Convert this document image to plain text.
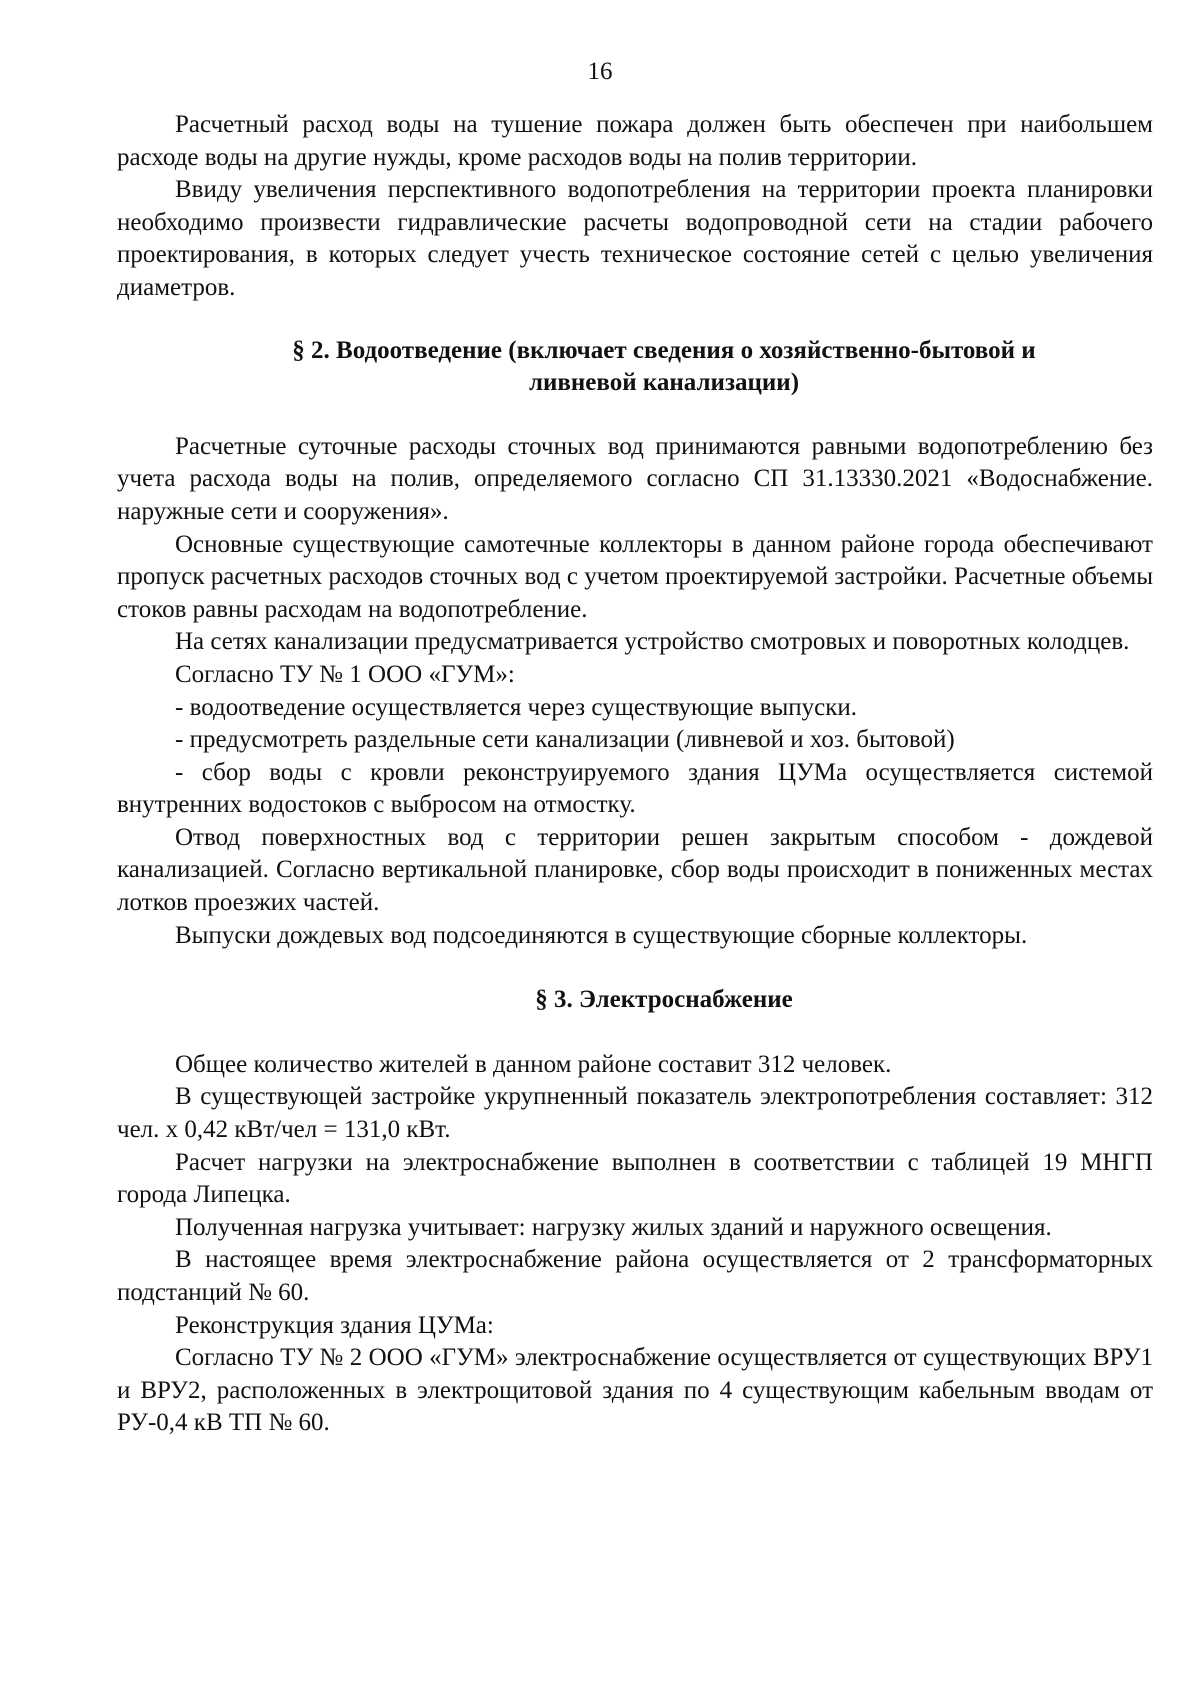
16

Расчетный расход воды на тушение пожара должен быть обеспечен при наибольшем расходе воды на другие нужды, кроме расходов воды на полив территории.

Ввиду увеличения перспективного водопотребления на территории проекта планировки необходимо произвести гидравлические расчеты водопроводной сети на стадии рабочего проектирования, в которых следует учесть техническое состояние сетей с целью увеличения диаметров.

§ 2. Водоотведение (включает сведения о хозяйственно-бытовой и
ливневой канализации)

Расчетные суточные расходы сточных вод принимаются равными водопотреблению без учета расхода воды на полив, определяемого согласно СП 31.13330.2021 «Водоснабжение. наружные сети и сооружения».

Основные существующие самотечные коллекторы в данном районе города обеспечивают пропуск расчетных расходов сточных вод с учетом проектируемой застройки. Расчетные объемы стоков равны расходам на водопотребление.

На сетях канализации предусматривается устройство смотровых и поворотных колодцев.

Согласно ТУ № 1 ООО «ГУМ»:

- водоотведение осуществляется через существующие выпуски.

- предусмотреть раздельные сети канализации (ливневой и хоз. бытовой)

- сбор воды с кровли реконструируемого здания ЦУМа осуществляется системой внутренних водостоков с выбросом на отмостку.

Отвод поверхностных вод с территории решен закрытым способом - дождевой канализацией. Согласно вертикальной планировке, сбор воды происходит в пониженных местах лотков проезжих частей.

Выпуски дождевых вод подсоединяются в существующие сборные коллекторы.

§ 3. Электроснабжение

Общее количество жителей в данном районе составит 312 человек.

В существующей застройке укрупненный показатель электропотребления составляет: 312 чел. х 0,42 кВт/чел = 131,0 кВт.

Расчет нагрузки на электроснабжение выполнен в соответствии с таблицей 19 МНГП города Липецка.

Полученная нагрузка учитывает: нагрузку жилых зданий и наружного освещения.

В настоящее время электроснабжение района осуществляется от 2 трансформаторных подстанций № 60.

Реконструкция здания ЦУМа:

Согласно ТУ № 2 ООО «ГУМ» электроснабжение осуществляется от существующих ВРУ1 и ВРУ2, расположенных в электрощитовой здания по 4 существующим кабельным вводам от РУ-0,4 кВ ТП № 60.
